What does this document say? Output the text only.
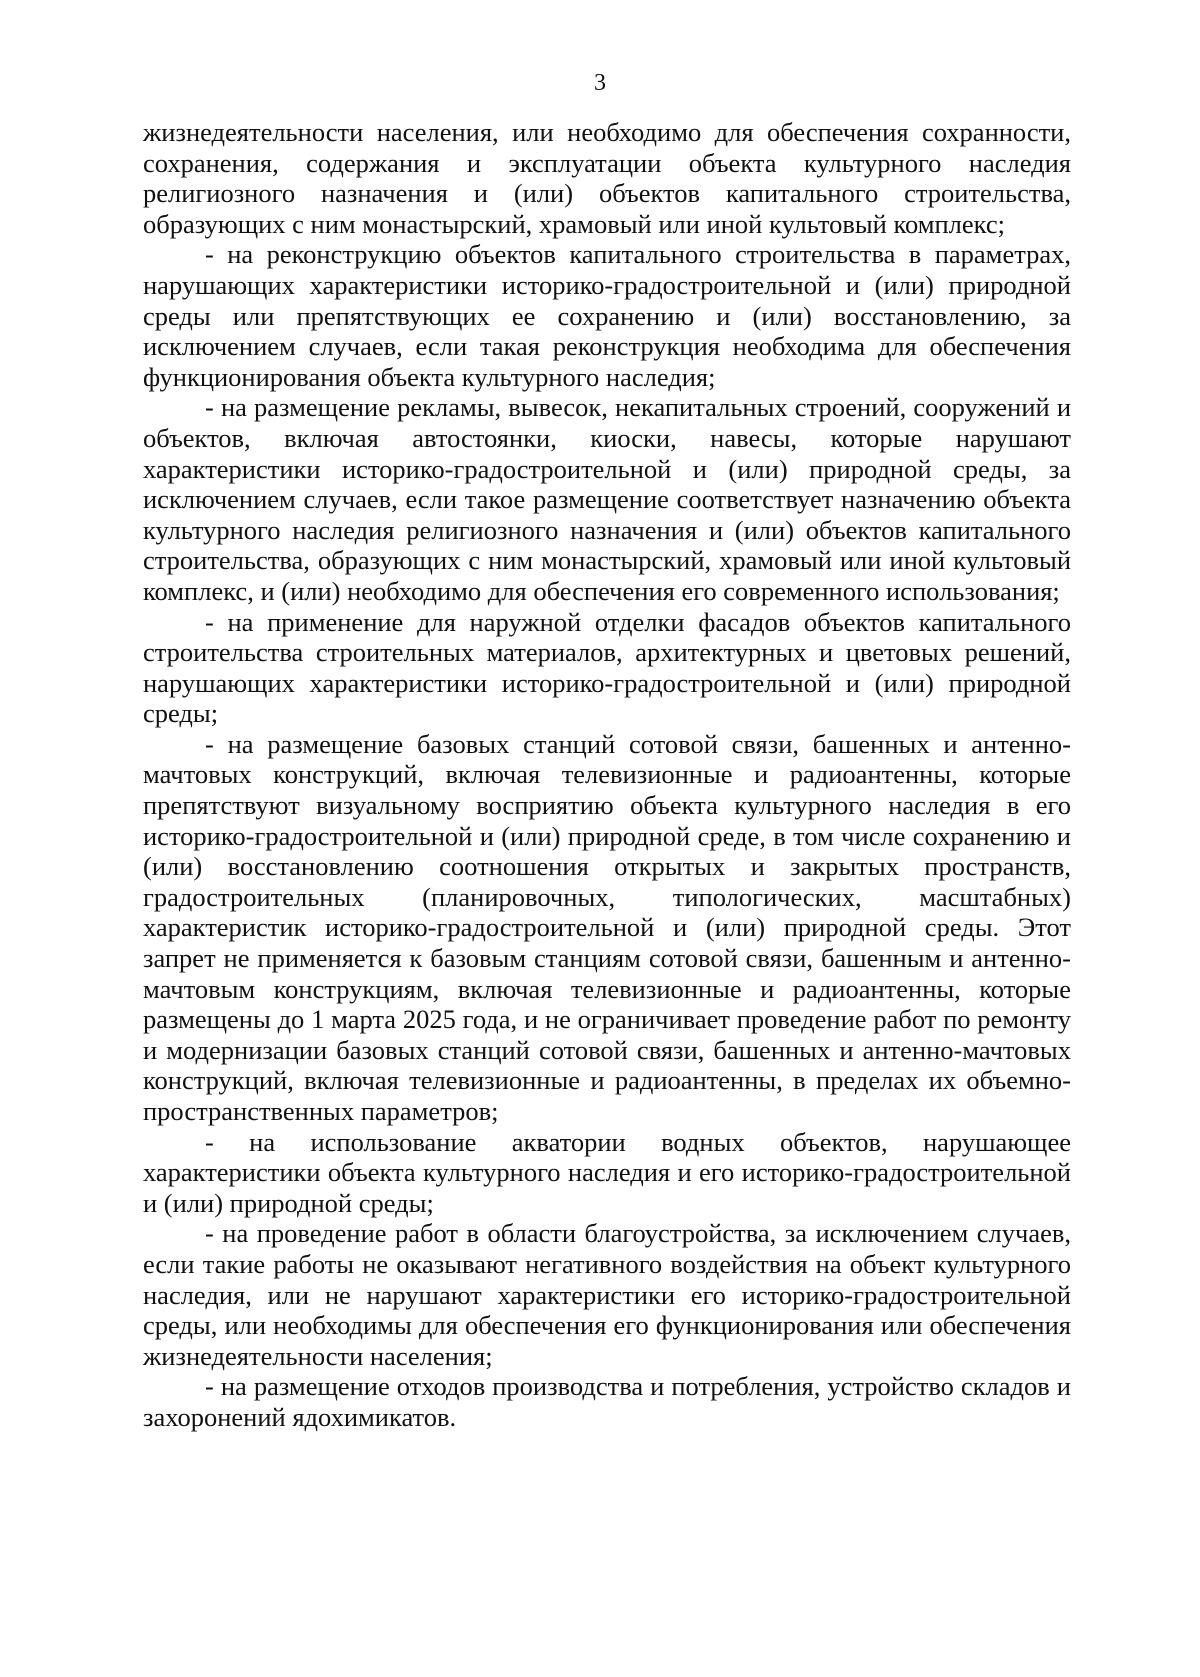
3

жизнедеятельности населения, или необходимо для обеспечения сохранности, сохранения, содержания и эксплуатации объекта культурного наследия религиозного назначения и (или) объектов капитального строительства, образующих с ним монастырский, храмовый или иной культовый комплекс;

- на реконструкцию объектов капитального строительства в параметрах, нарушающих характеристики историко-градостроительной и (или) природной среды или препятствующих ее сохранению и (или) восстановлению, за исключением случаев, если такая реконструкция необходима для обеспечения функционирования объекта культурного наследия;

- на размещение рекламы, вывесок, некапитальных строений, сооружений и объектов, включая автостоянки, киоски, навесы, которые нарушают характеристики историко-градостроительной и (или) природной среды, за исключением случаев, если такое размещение соответствует назначению объекта культурного наследия религиозного назначения и (или) объектов капитального строительства, образующих с ним монастырский, храмовый или иной культовый комплекс, и (или) необходимо для обеспечения его современного использования;

- на применение для наружной отделки фасадов объектов капитального строительства строительных материалов, архитектурных и цветовых решений, нарушающих характеристики историко-градостроительной и (или) природной среды;

- на размещение базовых станций сотовой связи, башенных и антенно-мачтовых конструкций, включая телевизионные и радиоантенны, которые препятствуют визуальному восприятию объекта культурного наследия в его историко-градостроительной и (или) природной среде, в том числе сохранению и (или) восстановлению соотношения открытых и закрытых пространств, градостроительных (планировочных, типологических, масштабных) характеристик историко-градостроительной и (или) природной среды. Этот запрет не применяется к базовым станциям сотовой связи, башенным и антенно-мачтовым конструкциям, включая телевизионные и радиоантенны, которые размещены до 1 марта 2025 года, и не ограничивает проведение работ по ремонту и модернизации базовых станций сотовой связи, башенных и антенно-мачтовых конструкций, включая телевизионные и радиоантенны, в пределах их объемно-пространственных параметров;

- на использование акватории водных объектов, нарушающее характеристики объекта культурного наследия и его историко-градостроительной и (или) природной среды;

- на проведение работ в области благоустройства, за исключением случаев, если такие работы не оказывают негативного воздействия на объект культурного наследия, или не нарушают характеристики его историко-градостроительной среды, или необходимы для обеспечения его функционирования или обеспечения жизнедеятельности населения;

- на размещение отходов производства и потребления, устройство складов и захоронений ядохимикатов.
